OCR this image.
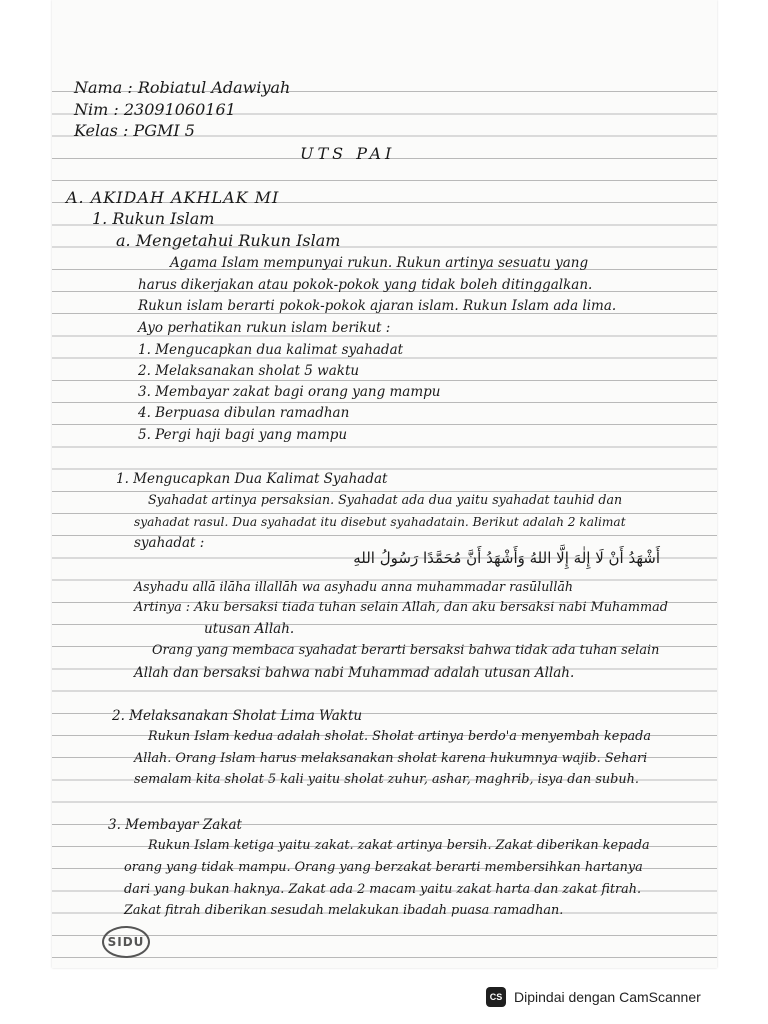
Nama : Robiatul Adawiyah
Nim : 23091060161
Kelas : PGMI 5
UTS PAI
A. AKIDAH AKHLAK MI
1. Rukun Islam
a. Mengetahui Rukun Islam
Agama Islam mempunyai rukun. Rukun artinya sesuatu yang
harus dikerjakan atau pokok-pokok yang tidak boleh ditinggalkan.
Rukun islam berarti pokok-pokok ajaran islam. Rukun Islam ada lima.
Ayo perhatikan rukun islam berikut :
1. Mengucapkan dua kalimat syahadat
2. Melaksanakan sholat 5 waktu
3. Membayar zakat bagi orang yang mampu
4. Berpuasa dibulan ramadhan
5. Pergi haji bagi yang mampu
1. Mengucapkan Dua Kalimat Syahadat
Syahadat artinya persaksian. Syahadat ada dua yaitu syahadat tauhid dan
syahadat rasul. Dua syahadat itu disebut syahadatain. Berikut adalah 2 kalimat
syahadat :
أَشْهَدُ أَنْ لَا إِلٰهَ إِلَّا اللهُ وَأَشْهَدُ أَنَّ مُحَمَّدًا رَسُولُ اللهِ
Asyhadu allā ilāha illallāh wa asyhadu anna muhammadar rasūlullāh
Artinya : Aku bersaksi tiada tuhan selain Allah, dan aku bersaksi nabi Muhammad
utusan Allah.
Orang yang membaca syahadat berarti bersaksi bahwa tidak ada tuhan selain
Allah dan bersaksi bahwa nabi Muhammad adalah utusan Allah.
2. Melaksanakan Sholat Lima Waktu
Rukun Islam kedua adalah sholat. Sholat artinya berdo'a menyembah kepada
Allah. Orang Islam harus melaksanakan sholat karena hukumnya wajib. Sehari
semalam kita sholat 5 kali yaitu sholat zuhur, ashar, maghrib, isya dan subuh.
3. Membayar Zakat
Rukun Islam ketiga yaitu zakat. zakat artinya bersih. Zakat diberikan kepada
orang yang tidak mampu. Orang yang berzakat berarti membersihkan hartanya
dari yang bukan haknya. Zakat ada 2 macam yaitu zakat harta dan zakat fitrah.
Zakat fitrah diberikan sesudah melakukan ibadah puasa ramadhan.
SIDU
CS Dipindai dengan CamScanner
